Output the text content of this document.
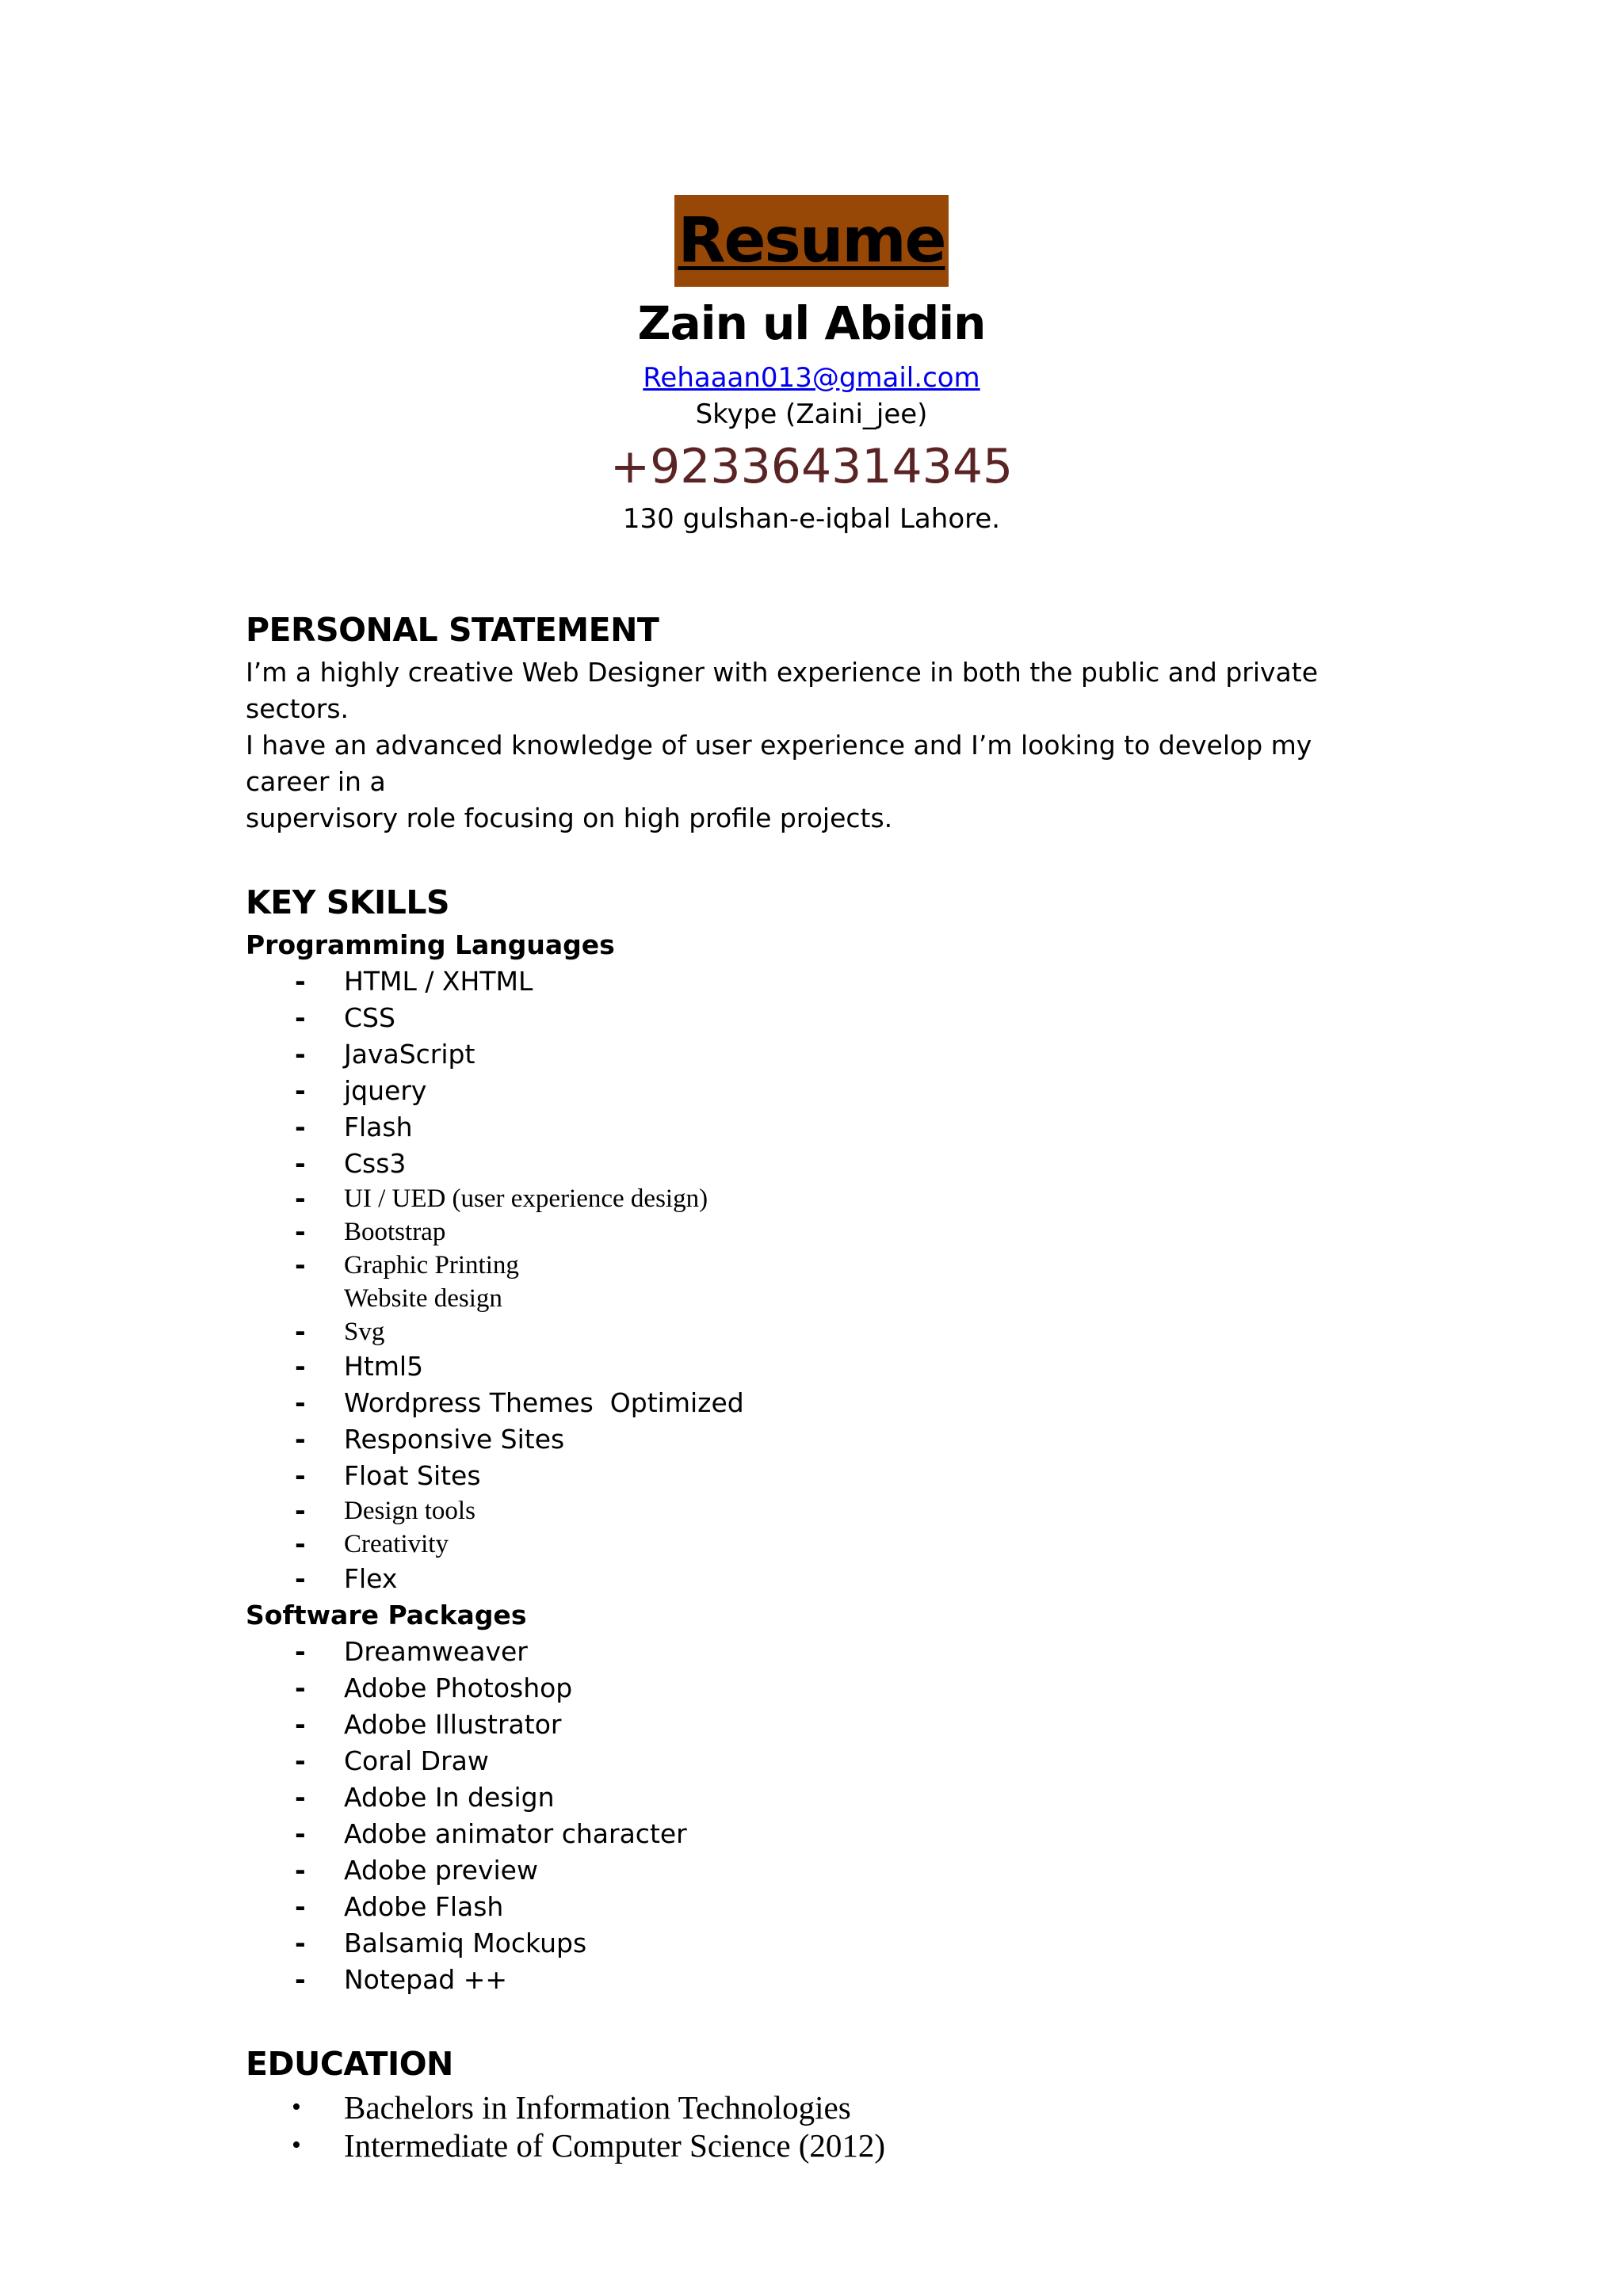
Resume
Zain ul Abidin
Rehaaan013@gmail.com
Skype (Zaini_jee)
+923364314345
130 gulshan-e-iqbal Lahore.
PERSONAL STATEMENT

I’m a highly creative Web Designer with experience in both the public and private sectors.

I have an advanced knowledge of user experience and I’m looking to develop my career in a

supervisory role focusing on high profile projects.

KEY SKILLS
Programming Languages
- HTML / XHTML
- CSS
- JavaScript
- jquery
- Flash
- Css3
- UI / UED (user experience design)
- Bootstrap
- Graphic Printing
Website design
- Svg
- Html5
- Wordpress Themes  Optimized
- Responsive Sites
- Float Sites
- Design tools
- Creativity
- Flex
Software Packages
- Dreamweaver
- Adobe Photoshop
- Adobe Illustrator
- Coral Draw
- Adobe In design
- Adobe animator character
- Adobe preview
- Adobe Flash
- Balsamiq Mockups
- Notepad ++
EDUCATION
• Bachelors in Information Technologies
• Intermediate of Computer Science (2012)
